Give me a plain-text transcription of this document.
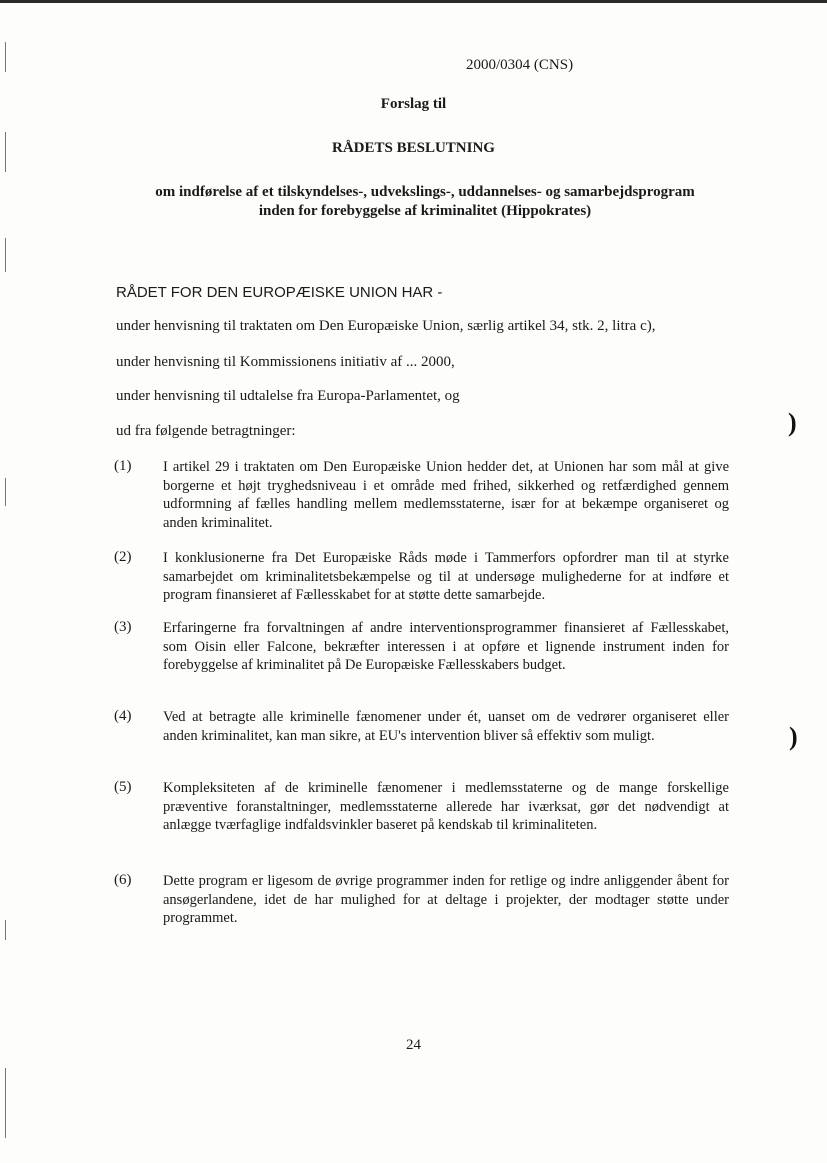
2000/0304 (CNS)
Forslag til
RÅDETS BESLUTNING
om indførelse af et tilskyndelses-, udvekslings-, uddannelses- og samarbejdsprogram
inden for forebyggelse af kriminalitet (Hippokrates)
RÅDET FOR DEN EUROPÆISKE UNION HAR -
under henvisning til traktaten om Den Europæiske Union, særlig artikel 34, stk. 2, litra c),
under henvisning til Kommissionens initiativ af ... 2000,
under henvisning til udtalelse fra Europa-Parlamentet, og
ud fra følgende betragtninger:
(1) I artikel 29 i traktaten om Den Europæiske Union hedder det, at Unionen har som mål at give borgerne et højt tryghedsniveau i et område med frihed, sikkerhed og retfærdighed gennem udformning af fælles handling mellem medlemsstaterne, især for at bekæmpe organiseret og anden kriminalitet.
(2) I konklusionerne fra Det Europæiske Råds møde i Tammerfors opfordrer man til at styrke samarbejdet om kriminalitetsbekæmpelse og til at undersøge mulighederne for at indføre et program finansieret af Fællesskabet for at støtte dette samarbejde.
(3) Erfaringerne fra forvaltningen af andre interventionsprogrammer finansieret af Fællesskabet, som Oisin eller Falcone, bekræfter interessen i at opføre et lignende instrument inden for forebyggelse af kriminalitet på De Europæiske Fællesskabers budget.
(4) Ved at betragte alle kriminelle fænomener under ét, uanset om de vedrører organiseret eller anden kriminalitet, kan man sikre, at EU's intervention bliver så effektiv som muligt.
(5) Kompleksiteten af de kriminelle fænomener i medlemsstaterne og de mange forskellige præventive foranstaltninger, medlemsstaterne allerede har iværksat, gør det nødvendigt at anlægge tværfaglige indfaldsvinkler baseret på kendskab til kriminaliteten.
(6) Dette program er ligesom de øvrige programmer inden for retlige og indre anliggender åbent for ansøgerlandene, idet de har mulighed for at deltage i projekter, der modtager støtte under programmet.
24
)
)
